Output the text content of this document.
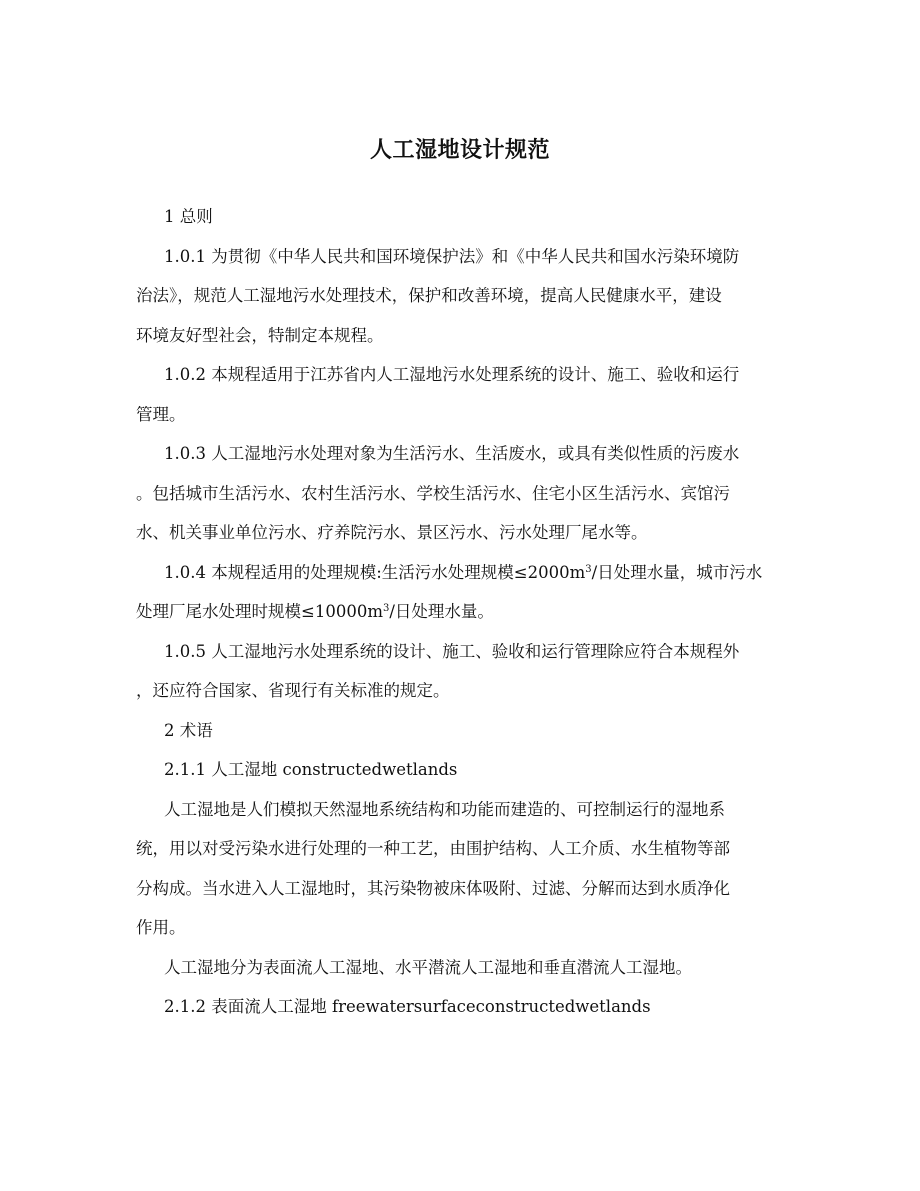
人工湿地设计规范
1 总则
1.0.1 为贯彻《中华人民共和国环境保护法》和《中华人民共和国水污染环境防
治法》，规范人工湿地污水处理技术，保护和改善环境，提高人民健康水平，建设
环境友好型社会，特制定本规程。
1.0.2 本规程适用于江苏省内人工湿地污水处理系统的设计、施工、验收和运行
管理。
1.0.3 人工湿地污水处理对象为生活污水、生活废水，或具有类似性质的污废水
。包括城市生活污水、农村生活污水、学校生活污水、住宅小区生活污水、宾馆污
水、机关事业单位污水、疗养院污水、景区污水、污水处理厂尾水等。
1.0.4 本规程适用的处理规模:生活污水处理规模$\le 2000m^3/$日处理水量，城市污水
处理厂尾水处理时规模$\le 10000m^3/$日处理水量。
1.0.5 人工湿地污水处理系统的设计、施工、验收和运行管理除应符合本规程外
，还应符合国家、省现行有关标准的规定。
2 术语
2.1.1 人工湿地 constructedwetlands
人工湿地是人们模拟天然湿地系统结构和功能而建造的、可控制运行的湿地系
统，用以对受污染水进行处理的一种工艺，由围护结构、人工介质、水生植物等部
分构成。当水进入人工湿地时，其污染物被床体吸附、过滤、分解而达到水质净化
作用。
人工湿地分为表面流人工湿地、水平潜流人工湿地和垂直潜流人工湿地。
2.1.2 表面流人工湿地 freewatersurfaceconstructedwetlands
